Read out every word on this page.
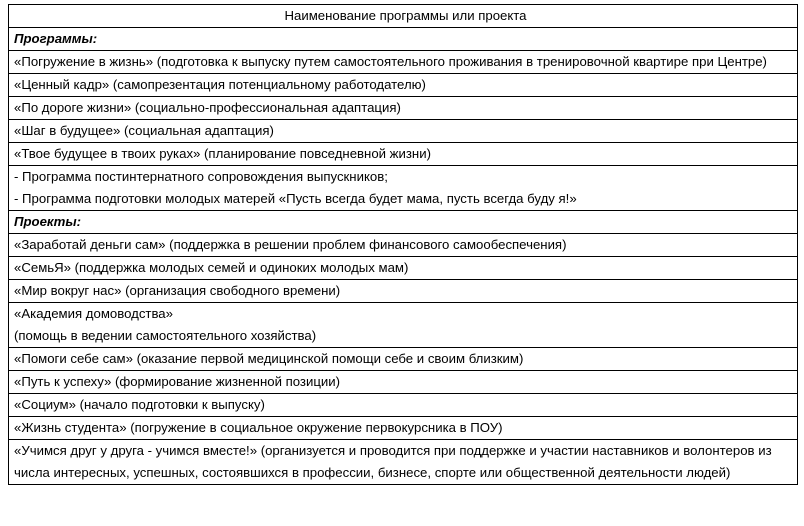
Наименование программы или проекта
Программы:
«Погружение в жизнь» (подготовка к выпуску путем самостоятельного проживания в тренировочной квартире при Центре)
«Ценный кадр» (самопрезентация потенциальному работодателю)
«По дороге жизни» (социально-профессиональная адаптация)
«Шаг в будущее» (социальная адаптация)
«Твое будущее в твоих руках» (планирование повседневной жизни)

- Программа постинтернатного сопровождения выпускников;
- Программа подготовки молодых матерей «Пусть всегда будет мама, пусть всегда буду я!»

Проекты:
«Заработай деньги сам» (поддержка в решении проблем финансового самообеспечения)
«СемьЯ» (поддержка молодых семей и одиноких молодых мам)
«Мир вокруг нас» (организация свободного времени)

«Академия домоводства»
(помощь в ведении самостоятельного хозяйства)

«Помоги себе сам» (оказание первой медицинской помощи себе и своим близким)
«Путь к успеху» (формирование жизненной позиции)
«Социум» (начало подготовки к выпуску)
«Жизнь студента» (погружение в социальное окружение первокурсника в ПОУ)
«Учимся друг у друга - учимся вместе!» (организуется и проводится при поддержке и участии наставников и волонтеров из числа интересных, успешных, состоявшихся в профессии, бизнесе, спорте или общественной деятельности людей)
